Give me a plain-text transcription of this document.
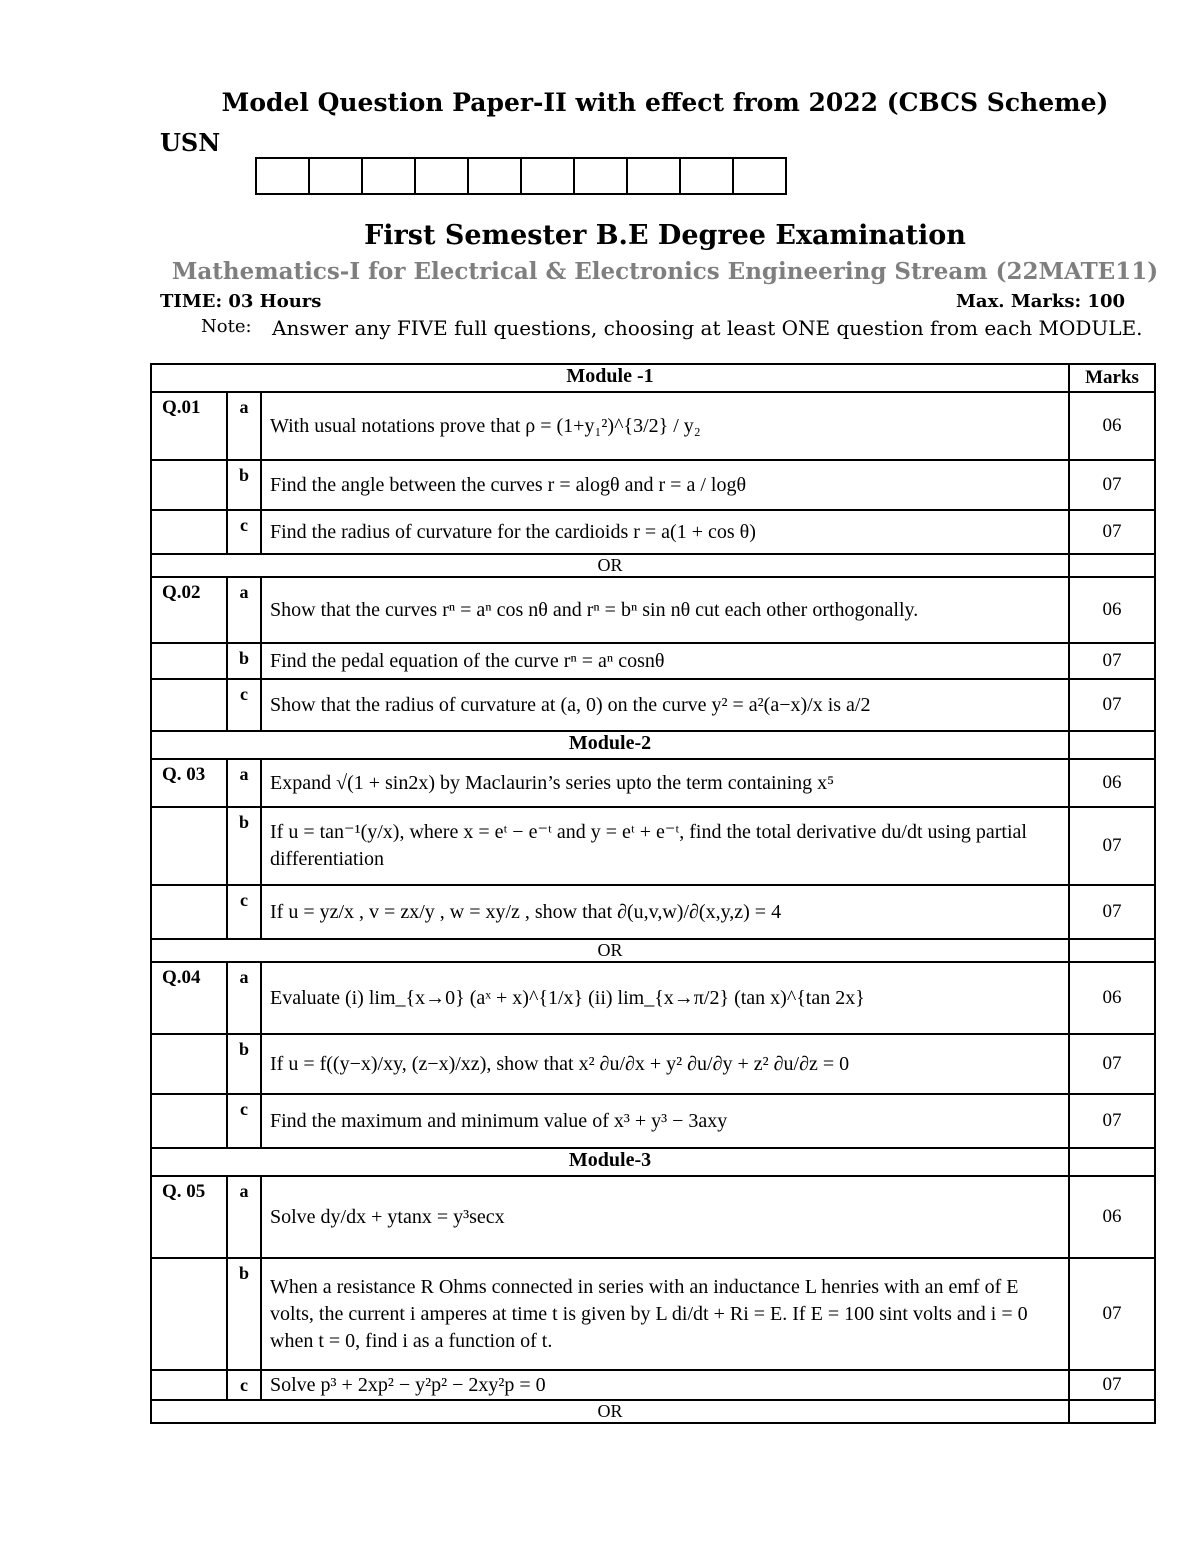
Model Question Paper-II with effect from 2022 (CBCS Scheme)
USN
First Semester B.E Degree Examination
Mathematics-I for Electrical & Electronics Engineering Stream (22MATE11)
TIME: 03 Hours	Max. Marks: 100
Note: Answer any FIVE full questions, choosing at least ONE question from each MODULE.
Module -1			Marks
Q.01	a	With usual notations prove that ρ = (1+y₁²)^{3/2} / y₂	06
	b	Find the angle between the curves r = alogθ and r = a / logθ	07
	c	Find the radius of curvature for the cardioids r = a(1 + cos θ)	07
OR			
Q.02	a	Show that the curves rⁿ = aⁿ cos nθ and rⁿ = bⁿ sin nθ cut each other orthogonally.	06
	b	Find the pedal equation of the curve rⁿ = aⁿ cosnθ	07
	c	Show that the radius of curvature at (a, 0) on the curve y² = a²(a−x)/x is a/2	07
Module-2			
Q. 03	a	Expand √(1 + sin2x) by Maclaurin’s series upto the term containing x⁵	06
	b	If u = tan⁻¹(y/x), where x = eᵗ − e⁻ᵗ and y = eᵗ + e⁻ᵗ, find the total derivative du/dt using partial differentiation	07
	c	If u = yz/x , v = zx/y , w = xy/z , show that ∂(u,v,w)/∂(x,y,z) = 4	07
OR			
Q.04	a	Evaluate (i) lim_{x→0} (aˣ + x)^{1/x} (ii) lim_{x→π/2} (tan x)^{tan 2x}	06
	b	If u = f((y−x)/xy, (z−x)/xz), show that x² ∂u/∂x + y² ∂u/∂y + z² ∂u/∂z = 0	07
	c	Find the maximum and minimum value of x³ + y³ − 3axy	07
Module-3			
Q. 05	a	Solve dy/dx + ytanx = y³secx	06
	b	When a resistance R Ohms connected in series with an inductance L henries with an emf of E volts, the current i amperes at time t is given by L di/dt + Ri = E. If E = 100 sint volts and i = 0 when t = 0, find i as a function of t.	07
	c	Solve p³ + 2xp² − y²p² − 2xy²p = 0	07
OR			
